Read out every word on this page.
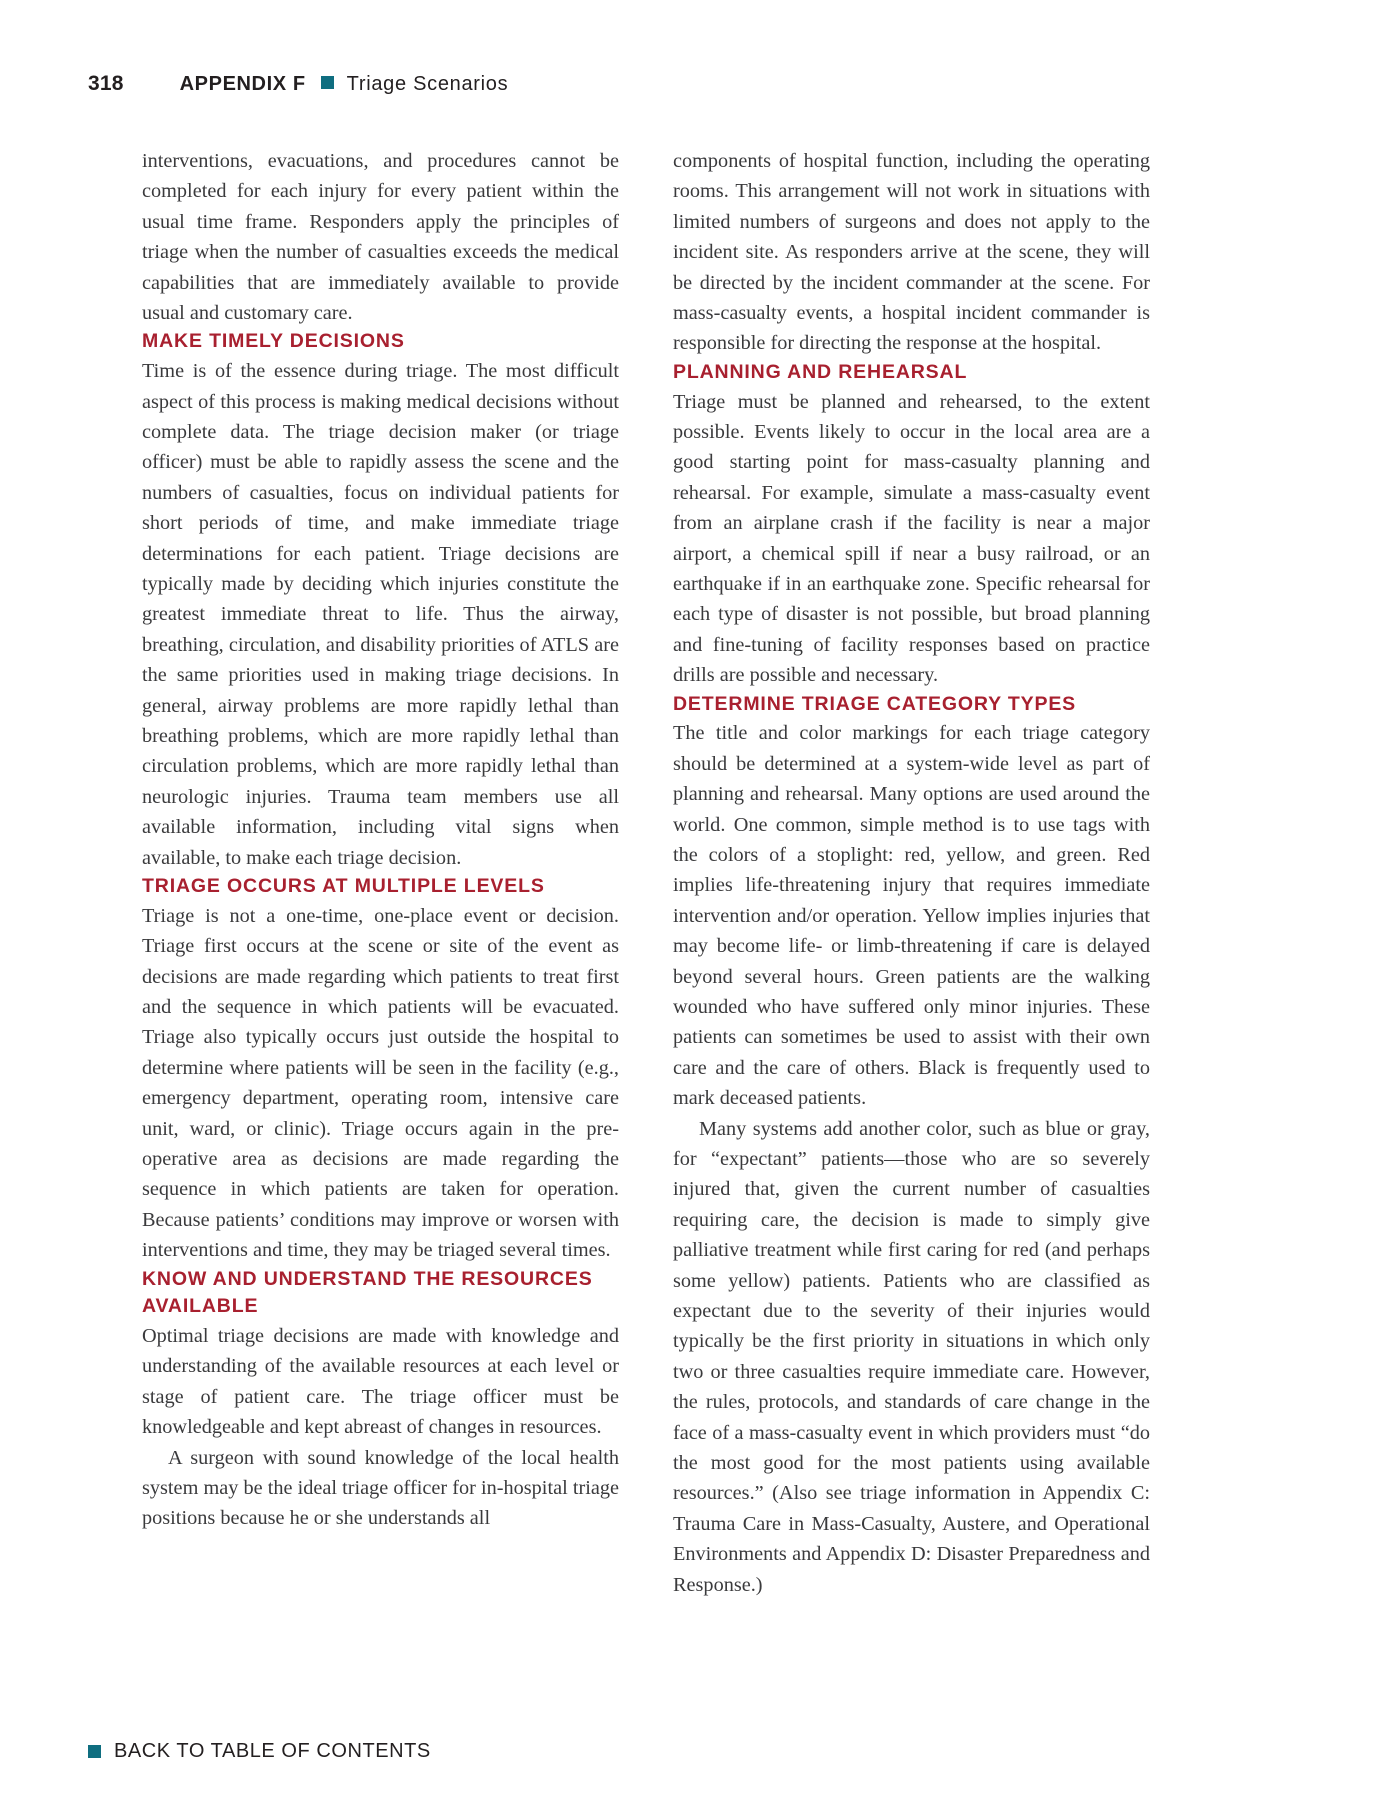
318	APPENDIX F Triage Scenarios

interventions, evacuations, and procedures cannot be completed for each injury for every patient within the usual time frame. Responders apply the principles of triage when the number of casualties exceeds the medical capabilities that are immediately available to provide usual and customary care.

MAKE TIMELY DECISIONS

Time is of the essence during triage. The most difficult aspect of this process is making medical decisions without complete data. The triage decision maker (or triage officer) must be able to rapidly assess the scene and the numbers of casualties, focus on individual patients for short periods of time, and make immediate triage determinations for each patient. Triage decisions are typically made by deciding which injuries constitute the greatest immediate threat to life. Thus the airway, breathing, circulation, and disability priorities of ATLS are the same priorities used in making triage decisions. In general, airway problems are more rapidly lethal than breathing problems, which are more rapidly lethal than circulation problems, which are more rapidly lethal than neurologic injuries. Trauma team members use all available information, including vital signs when available, to make each triage decision.

TRIAGE OCCURS AT MULTIPLE LEVELS

Triage is not a one-time, one-place event or decision. Triage first occurs at the scene or site of the event as decisions are made regarding which patients to treat first and the sequence in which patients will be evacuated. Triage also typically occurs just outside the hospital to determine where patients will be seen in the facility (e.g., emergency department, operating room, intensive care unit, ward, or clinic). Triage occurs again in the pre-operative area as decisions are made regarding the sequence in which patients are taken for operation. Because patients’ conditions may improve or worsen with interventions and time, they may be triaged several times.

KNOW AND UNDERSTAND THE RESOURCES AVAILABLE

Optimal triage decisions are made with knowledge and understanding of the available resources at each level or stage of patient care. The triage officer must be knowledgeable and kept abreast of changes in resources.

A surgeon with sound knowledge of the local health system may be the ideal triage officer for in-hospital triage positions because he or she understands all

components of hospital function, including the operating rooms. This arrangement will not work in situations with limited numbers of surgeons and does not apply to the incident site. As responders arrive at the scene, they will be directed by the incident commander at the scene. For mass-casualty events, a hospital incident commander is responsible for directing the response at the hospital.

PLANNING AND REHEARSAL

Triage must be planned and rehearsed, to the extent possible. Events likely to occur in the local area are a good starting point for mass-casualty planning and rehearsal. For example, simulate a mass-casualty event from an airplane crash if the facility is near a major airport, a chemical spill if near a busy railroad, or an earthquake if in an earthquake zone. Specific rehearsal for each type of disaster is not possible, but broad planning and fine-tuning of facility responses based on practice drills are possible and necessary.

DETERMINE TRIAGE CATEGORY TYPES

The title and color markings for each triage category should be determined at a system-wide level as part of planning and rehearsal. Many options are used around the world. One common, simple method is to use tags with the colors of a stoplight: red, yellow, and green. Red implies life-threatening injury that requires immediate intervention and/or operation. Yellow implies injuries that may become life- or limb-threatening if care is delayed beyond several hours. Green patients are the walking wounded who have suffered only minor injuries. These patients can sometimes be used to assist with their own care and the care of others. Black is frequently used to mark deceased patients.

Many systems add another color, such as blue or gray, for “expectant” patients—those who are so severely injured that, given the current number of casualties requiring care, the decision is made to simply give palliative treatment while first caring for red (and perhaps some yellow) patients. Patients who are classified as expectant due to the severity of their injuries would typically be the first priority in situations in which only two or three casualties require immediate care. However, the rules, protocols, and standards of care change in the face of a mass-casualty event in which providers must “do the most good for the most patients using available resources.” (Also see triage information in Appendix C: Trauma Care in Mass-Casualty, Austere, and Operational Environments and Appendix D: Disaster Preparedness and Response.)

BACK TO TABLE OF CONTENTS
